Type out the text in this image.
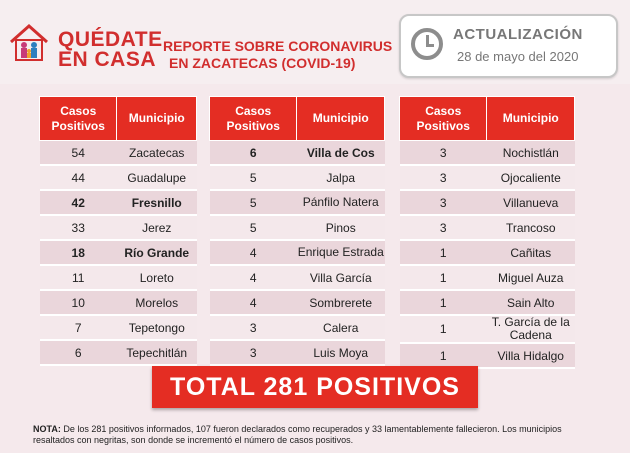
QUÉDATE
EN CASA
REPORTE SOBRE CORONAVIRUS
EN ZACATECAS (COVID-19)
ACTUALIZACIÓN
28 de mayo del 2020
Casos Positivos	Municipio
54	Zacatecas
44	Guadalupe
42	Fresnillo
33	Jerez
18	Río Grande
11	Loreto
10	Morelos
7	Tepetongo
6	Tepechitlán
Casos Positivos	Municipio
6	Villa de Cos
5	Jalpa
5	Pánfilo Natera
5	Pinos
4	Enrique Estrada
4	Villa García
4	Sombrerete
3	Calera
3	Luis Moya
Casos Positivos	Municipio
3	Nochistlán
3	Ojocaliente
3	Villanueva
3	Trancoso
1	Cañitas
1	Miguel Auza
1	Sain Alto
1	T. García de la Cadena
1	Villa Hidalgo
TOTAL 281 POSITIVOS
NOTA: De los 281 positivos informados, 107 fueron declarados como recuperados y 33 lamentablemente fallecieron. Los municipios resaltados con negritas, son donde se incrementó el número de casos positivos.
